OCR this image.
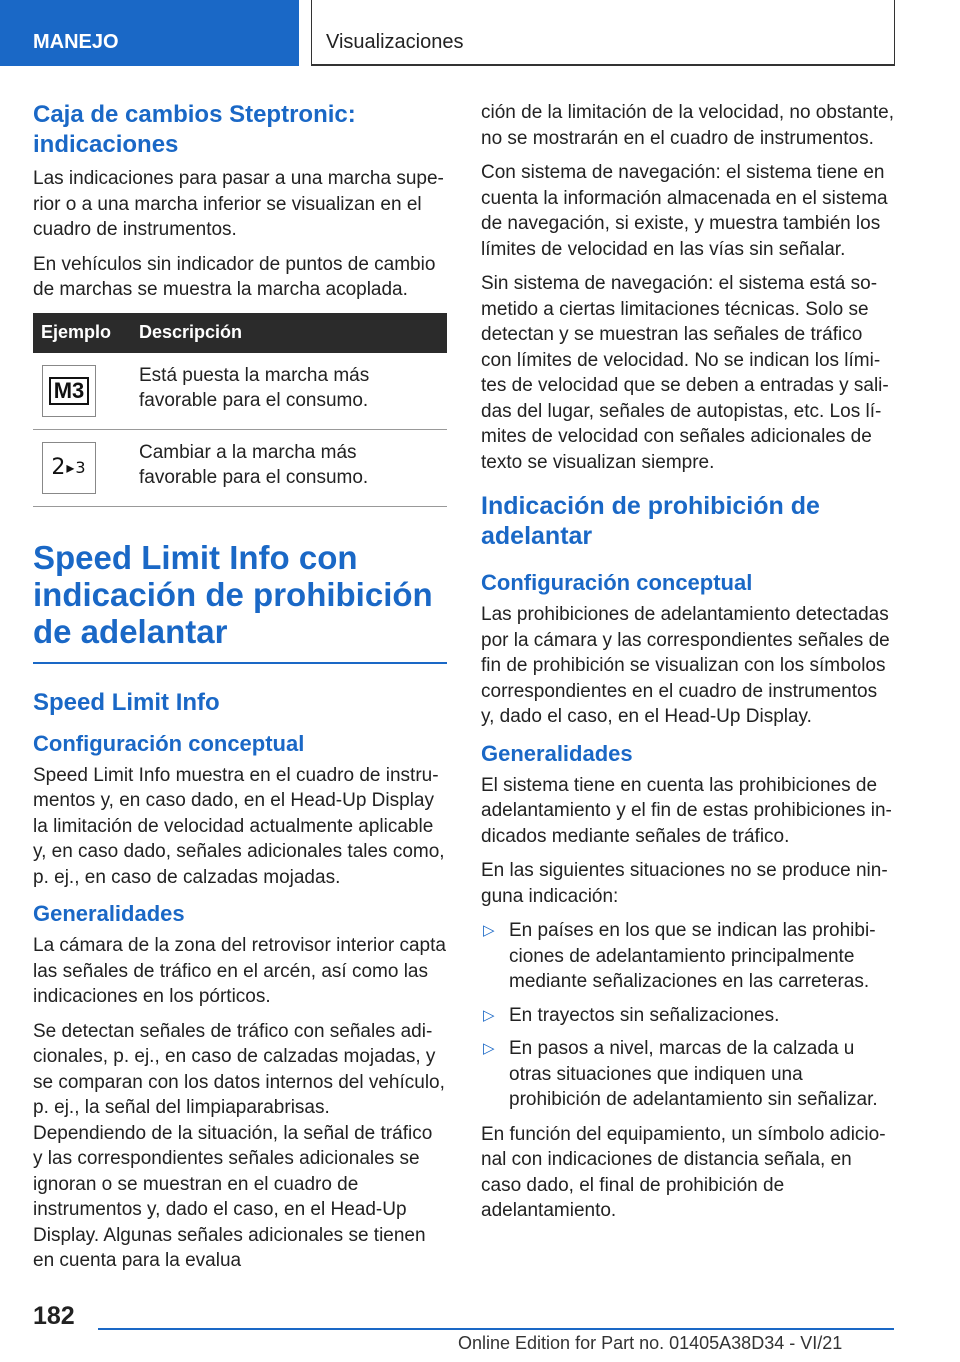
MANEJO	Visualizaciones
Caja de cambios Steptronic: indicaciones

Las indicaciones para pasar a una marcha superior o a una marcha inferior se visualizan en el cuadro de instrumentos.

En vehículos sin indicador de puntos de cambio de marchas se muestra la marcha acoplada.

Ejemplo	Descripción

M3	Está puesta la marcha más favorable para el consumo.

2 ▸ 3	Cambiar a la marcha más favorable para el consumo.
Speed Limit Info con indicación de prohibición de adelantar
Speed Limit Info
Configuración conceptual

Speed Limit Info muestra en el cuadro de instrumentos y, en caso dado, en el Head-Up Display la limitación de velocidad actualmente aplicable y, en caso dado, señales adicionales tales como, p. ej., en caso de calzadas mojadas.

Generalidades

La cámara de la zona del retrovisor interior capta las señales de tráfico en el arcén, así como las indicaciones en los pórticos.

Se detectan señales de tráfico con señales adicionales, p. ej., en caso de calzadas mojadas, y se comparan con los datos internos del vehículo, p. ej., la señal del limpiaparabrisas. Dependiendo de la situación, la señal de tráfico y las correspondientes señales adicionales se ignoran o se muestran en el cuadro de instrumentos y, dado el caso, en el Head-Up Display. Algunas señales adicionales se tienen en cuenta para la evalua

ción de la limitación de la velocidad, no obstante, no se mostrarán en el cuadro de instrumentos.

Con sistema de navegación: el sistema tiene en cuenta la información almacenada en el sistema de navegación, si existe, y muestra también los límites de velocidad en las vías sin señalar.

Sin sistema de navegación: el sistema está sometido a ciertas limitaciones técnicas. Solo se detectan y se muestran las señales de tráfico con límites de velocidad. No se indican los límites de velocidad que se deben a entradas y salidas del lugar, señales de autopistas, etc. Los límites de velocidad con señales adicionales de texto se visualizan siempre.

Indicación de prohibición de adelantar
Configuración conceptual

Las prohibiciones de adelantamiento detectadas por la cámara y las correspondientes señales de fin de prohibición se visualizan con los símbolos correspondientes en el cuadro de instrumentos y, dado el caso, en el Head-Up Display.

Generalidades

El sistema tiene en cuenta las prohibiciones de adelantamiento y el fin de estas prohibiciones indicados mediante señales de tráfico.

En las siguientes situaciones no se produce ninguna indicación:

▷ En países en los que se indican las prohibiciones de adelantamiento principalmente mediante señalizaciones en las carreteras.
▷ En trayectos sin señalizaciones.
▷ En pasos a nivel, marcas de la calzada u otras situaciones que indiquen una prohibición de adelantamiento sin señalizar.

En función del equipamiento, un símbolo adicional con indicaciones de distancia señala, en caso dado, el final de prohibición de adelantamiento.

182
Online Edition for Part no. 01405A38D34 - VI/21
